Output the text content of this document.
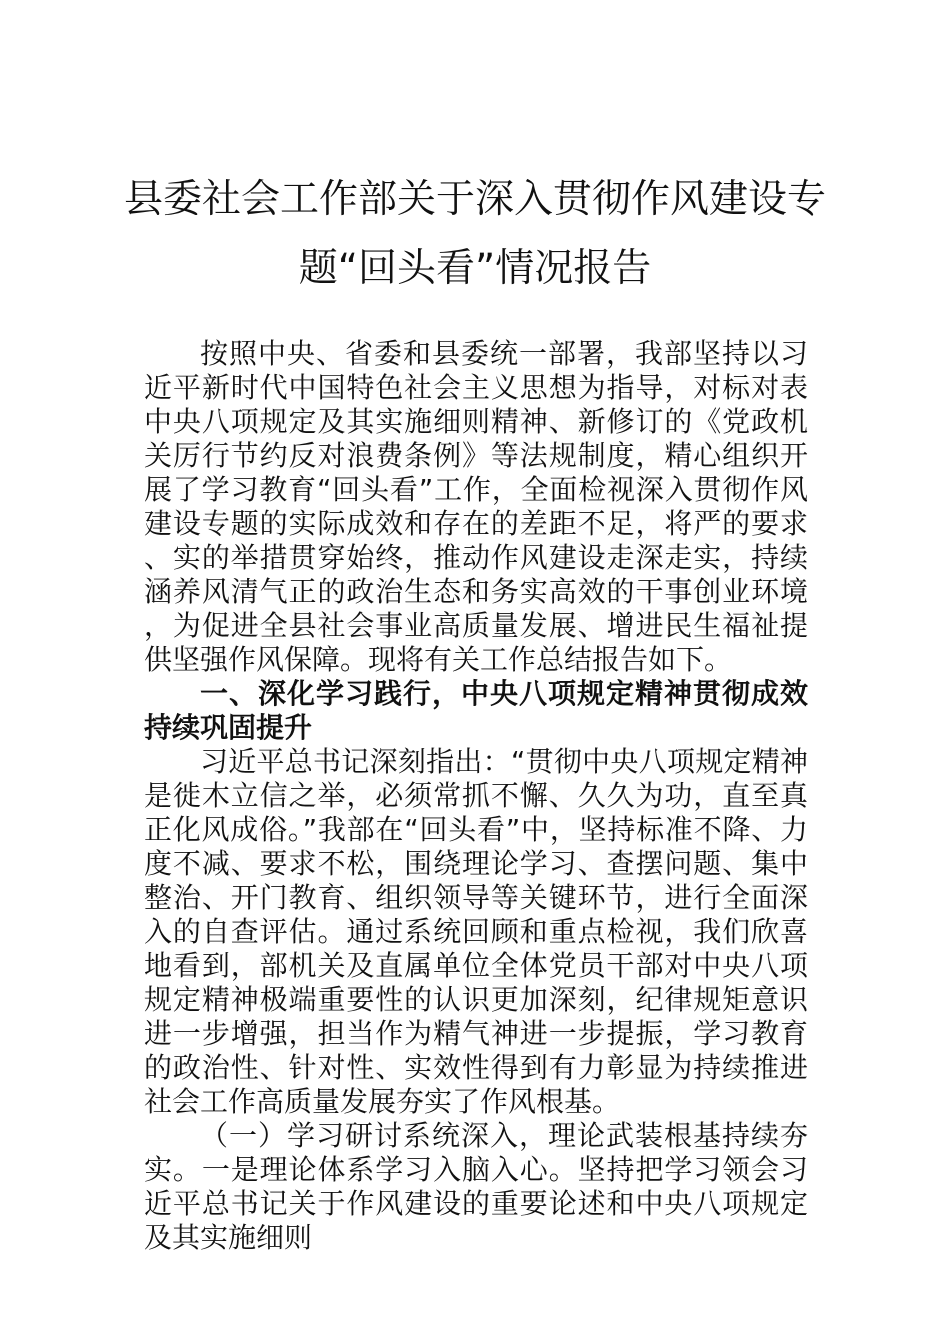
县委社会工作部关于深入贯彻作风建设专
题“回头看”情况报告

按照中央、省委和县委统一部署，我部坚持以习近平新时代中国特色社会主义思想为指导，对标对表中央八项规定及其实施细则精神、新修订的《党政机关厉行节约反对浪费条例》等法规制度，精心组织开展了学习教育“回头看”工作，全面检视深入贯彻作风建设专题的实际成效和存在的差距不足，将严的要求、实的举措贯穿始终，推动作风建设走深走实，持续涵养风清气正的政治生态和务实高效的干事创业环境，为促进全县社会事业高质量发展、增进民生福祉提供坚强作风保障。现将有关工作总结报告如下。

一、深化学习践行，中央八项规定精神贯彻成效持续巩固提升

习近平总书记深刻指出：“贯彻中央八项规定精神是徙木立信之举，必须常抓不懈、久久为功，直至真正化风成俗。”我部在“回头看”中，坚持标准不降、力度不减、要求不松，围绕理论学习、查摆问题、集中整治、开门教育、组织领导等关键环节，进行全面深入的自查评估。通过系统回顾和重点检视，我们欣喜地看到，部机关及直属单位全体党员干部对中央八项规定精神极端重要性的认识更加深刻，纪律规矩意识进一步增强，担当作为精气神进一步提振，学习教育的政治性、针对性、实效性得到有力彰显为持续推进社会工作高质量发展夯实了作风根基。

（一）学习研讨系统深入，理论武装根基持续夯实。一是理论体系学习入脑入心。坚持把学习领会习近平总书记关于作风建设的重要论述和中央八项规定及其实施细则
